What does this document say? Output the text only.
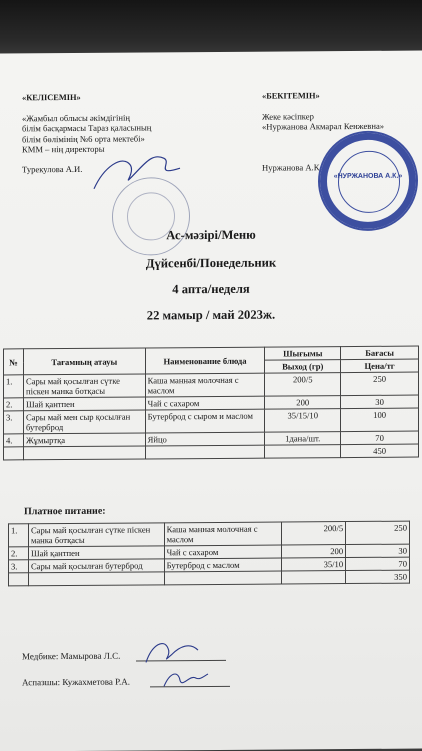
«КЕЛІСЕМІН»
«Жамбыл облысы әкімдігінің
білім басқармасы Тараз қаласының
білім бөлімінің №6 орта мектебі»
КММ – нің директоры
Турекулова А.И.
«БЕКІТЕМІН»
Жеке кәсіпкер
«Нуржанова Акмарал Кенжевна»
Нуржанова А.К.
«НУРЖАНОВА А.К.»
Ас-мәзірі/Меню
Дүйсенбі/Понедельник
4 апта/неделя
22 мамыр / май 2023ж.
№	Тағамның атауы	Наименование блюда	Шығымы	Бағасы
			Выход (гр)	Цена/тг
1.	Сары май қосылған сүтке піскен манка ботқасы	Каша манная молочная с маслом	200/5	250
2.	Шай қантпен	Чай с сахаром	200	30
3.	Сары май мен сыр қосылған бутерброд	Бутерброд с сыром и маслом	35/15/10	100
4.	Жұмыртқа	Яйцо	1дана/шт.	70
				450
Платное питание:
1.	Сары май қосылған сүтке піскен манка ботқасы	Каша манная молочная с маслом	200/5	250
2.	Шай қантпен	Чай с сахаром	200	30
3.	Сары май қосылған бутерброд	Бутерброд с маслом	35/10	70
				350
Медбике: Мамырова Л.С.
Аспазшы: Кужахметова Р.А.
